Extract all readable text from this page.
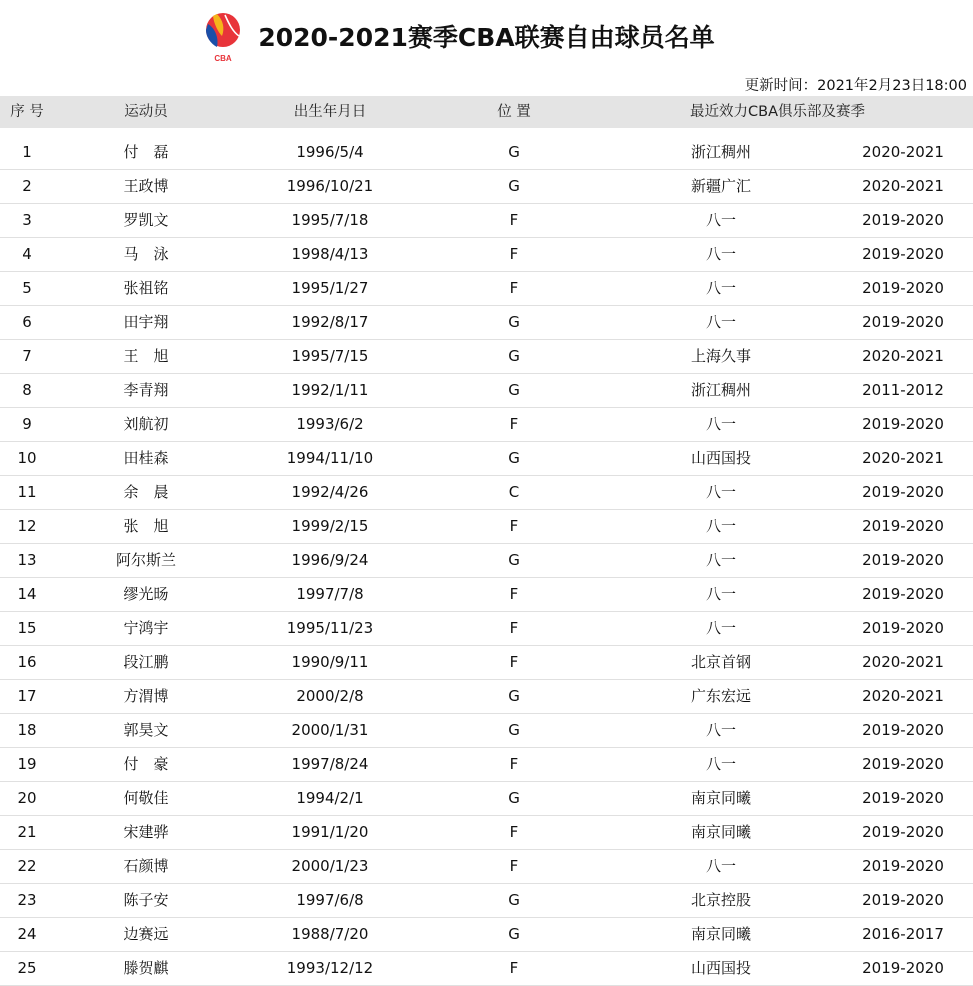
CBA
2020-2021赛季CBA联赛自由球员名单
更新时间：2021年2月23日18:00
序 号	运动员	出生年月日	位 置	最近效力CBA俱乐部及赛季
1	付　磊	1996/5/4	G	浙江稠州	2020-2021
2	王政博	1996/10/21	G	新疆广汇	2020-2021
3	罗凯文	1995/7/18	F	八一	2019-2020
4	马　泳	1998/4/13	F	八一	2019-2020
5	张祖铭	1995/1/27	F	八一	2019-2020
6	田宇翔	1992/8/17	G	八一	2019-2020
7	王　旭	1995/7/15	G	上海久事	2020-2021
8	李青翔	1992/1/11	G	浙江稠州	2011-2012
9	刘航初	1993/6/2	F	八一	2019-2020
10	田桂森	1994/11/10	G	山西国投	2020-2021
11	余　晨	1992/4/26	C	八一	2019-2020
12	张　旭	1999/2/15	F	八一	2019-2020
13	阿尔斯兰	1996/9/24	G	八一	2019-2020
14	缪光旸	1997/7/8	F	八一	2019-2020
15	宁鸿宇	1995/11/23	F	八一	2019-2020
16	段江鹏	1990/9/11	F	北京首钢	2020-2021
17	方渭博	2000/2/8	G	广东宏远	2020-2021
18	郭昊文	2000/1/31	G	八一	2019-2020
19	付　豪	1997/8/24	F	八一	2019-2020
20	何敬佳	1994/2/1	G	南京同曦	2019-2020
21	宋建骅	1991/1/20	F	南京同曦	2019-2020
22	石颜博	2000/1/23	F	八一	2019-2020
23	陈子安	1997/6/8	G	北京控股	2019-2020
24	边赛远	1988/7/20	G	南京同曦	2016-2017
25	滕贺麒	1993/12/12	F	山西国投	2019-2020
